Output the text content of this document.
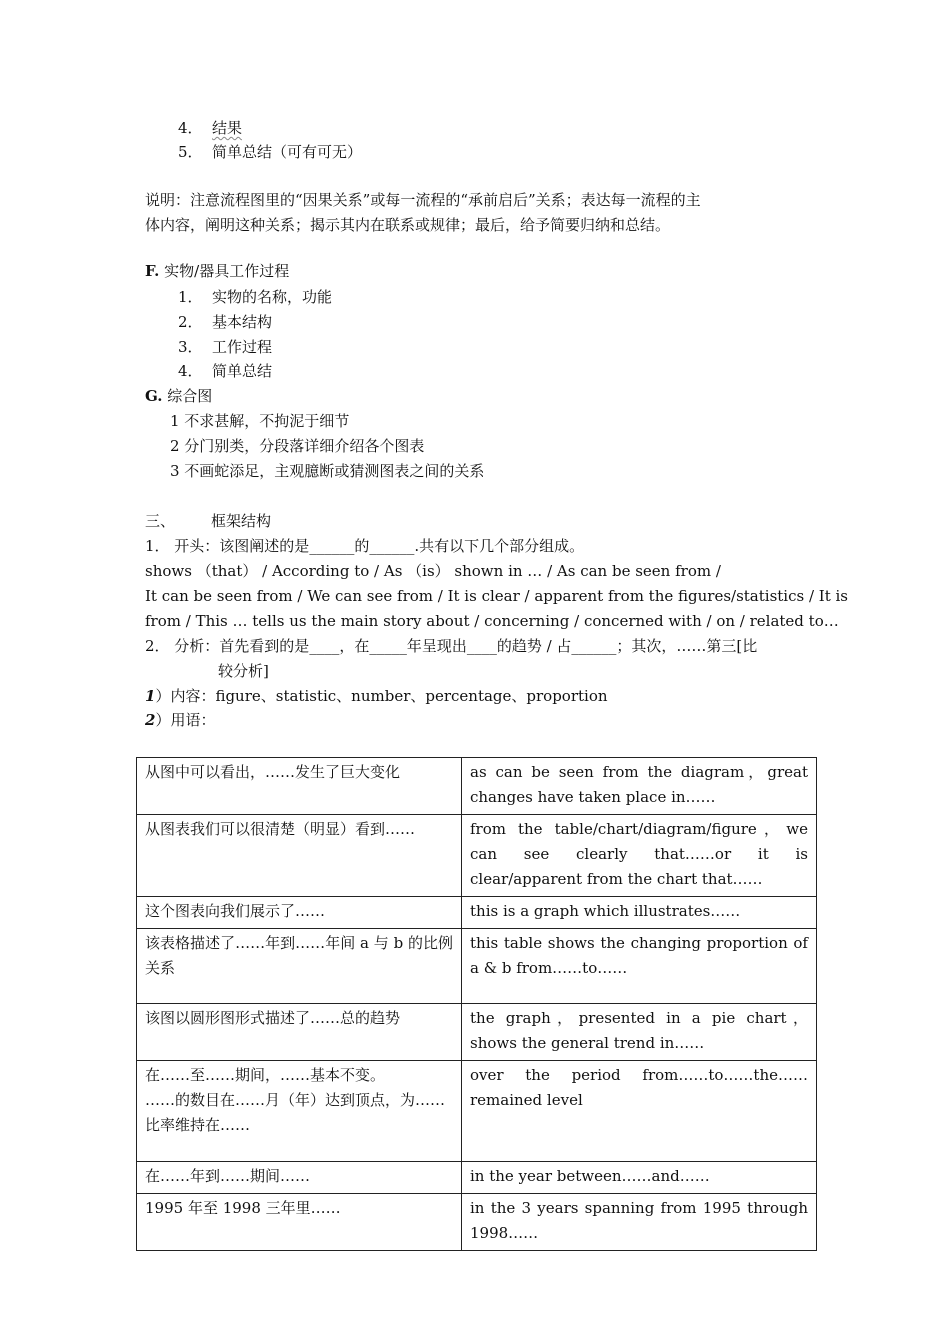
4． 结果
5． 简单总结（可有可无）
说明：注意流程图里的“因果关系”或每一流程的“承前启后”关系；表达每一流程的主
体内容，阐明这种关系；揭示其内在联系或规律；最后，给予简要归纳和总结。
F. 实物/器具工作过程
1． 实物的名称，功能
2． 基本结构
3． 工作过程
4． 简单总结
G. 综合图
1 不求甚解，不拘泥于细节
2 分门别类，分段落详细介绍各个图表
3 不画蛇添足，主观臆断或猜测图表之间的关系
三、 框架结构
1． 开头：该图阐述的是______的______.共有以下几个部分组成。
shows （that） / According to / As （is） shown in … / As can be seen from /
It can be seen from / We can see from / It is clear / apparent from the figures/statistics / It is
from / This … tells us the main story about / concerning / concerned with / on / related to…
2． 分析：首先看到的是____，在_____年呈现出____的趋势 / 占______；其次，……第三[比
较分析]
1）内容：figure、statistic、number、percentage、proportion
2）用语：
从图中可以看出，……发生了巨大变化	as can be seen from the diagram，great changes have taken place in……
从图表我们可以很清楚（明显）看到……	from the table/chart/diagram/figure，we can see clearly that……or it is clear/apparent from the chart that……
这个图表向我们展示了……	this is a graph which illustrates……
该表格描述了……年到……年间 a 与 b 的比例关系	this table shows the changing proportion of a & b from……to……
该图以圆形图形式描述了……总的趋势	the graph，presented in a pie chart， shows the general trend in……
在……至……期间，……基本不变。
……的数目在……月（年）达到顶点，为……
比率维持在……	over the period from……to……the……remained level
在……年到……期间……	in the year between……and……
1995 年至 1998 三年里……	in the 3 years spanning from 1995 through 1998……
